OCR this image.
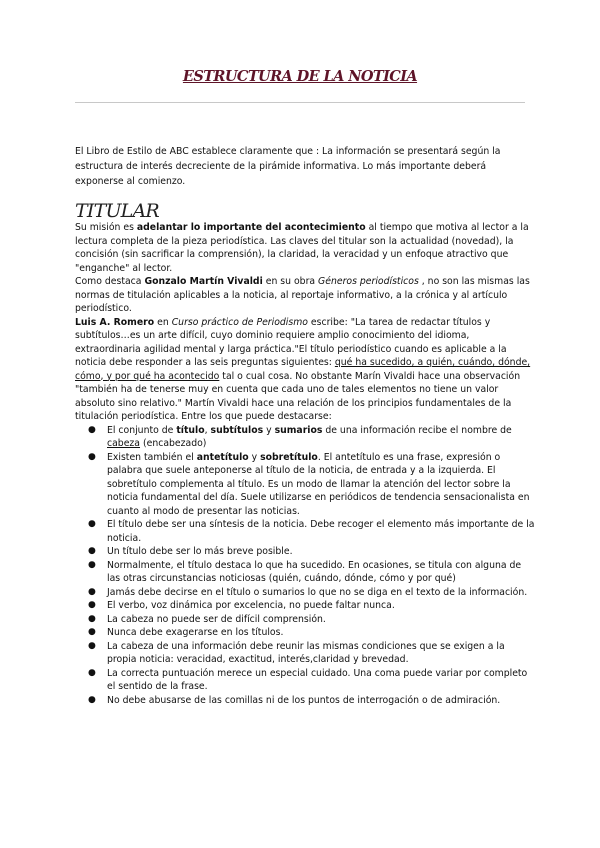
ESTRUCTURA DE LA NOTICIA
El Libro de Estilo de ABC establece claramente que : La información se presentará según la estructura de interés decreciente de la pirámide informativa. Lo más importante deberá exponerse al comienzo.
TITULAR

Su misión es adelantar lo importante del acontecimiento al tiempo que motiva al lector a la lectura completa de la pieza periodística. Las claves del titular son la actualidad (novedad), la concisión (sin sacrificar la comprensión), la claridad, la veracidad y un enfoque atractivo que "enganche" al lector.

Como destaca Gonzalo Martín Vivaldi en su obra Géneros periodísticos , no son las mismas las normas de titulación aplicables a la noticia, al reportaje informativo, a la crónica y al artículo periodístico.

Luis A. Romero en Curso práctico de Periodismo escribe: "La tarea de redactar títulos y subtítulos…es un arte difícil, cuyo dominio requiere amplio conocimiento del idioma, extraordinaria agilidad mental y larga práctica."El título periodístico cuando es aplicable a la noticia debe responder a las seis preguntas siguientes: qué ha sucedido, a quién, cuándo, dónde, cómo, y por qué ha acontecido tal o cual cosa. No obstante Marín Vivaldi hace una observación "también ha de tenerse muy en cuenta que cada uno de tales elementos no tiene un valor absoluto sino relativo." Martín Vivaldi hace una relación de los principios fundamentales de la titulación periodística. Entre los que puede destacarse:

● El conjunto de título, subtítulos y sumarios de una información recibe el nombre de cabeza (encabezado)
● Existen también el antetítulo y sobretítulo. El antetítulo es una frase, expresión o palabra que suele anteponerse al título de la noticia, de entrada y a la izquierda. El sobretítulo complementa al título. Es un modo de llamar la atención del lector sobre la noticia fundamental del día. Suele utilizarse en periódicos de tendencia sensacionalista en cuanto al modo de presentar las noticias.
● El título debe ser una síntesis de la noticia. Debe recoger el elemento más importante de la noticia.
● Un título debe ser lo más breve posible.
● Normalmente, el título destaca lo que ha sucedido. En ocasiones, se titula con alguna de las otras circunstancias noticiosas (quién, cuándo, dónde, cómo y por qué)
● Jamás debe decirse en el título o sumarios lo que no se diga en el texto de la información.
● El verbo, voz dinámica por excelencia, no puede faltar nunca.
● La cabeza no puede ser de difícil comprensión.
● Nunca debe exagerarse en los títulos.
● La cabeza de una información debe reunir las mismas condiciones que se exigen a la propia noticia: veracidad, exactitud, interés,claridad y brevedad.
● La correcta puntuación merece un especial cuidado. Una coma puede variar por completo el sentido de la frase.
● No debe abusarse de las comillas ni de los puntos de interrogación o de admiración.
